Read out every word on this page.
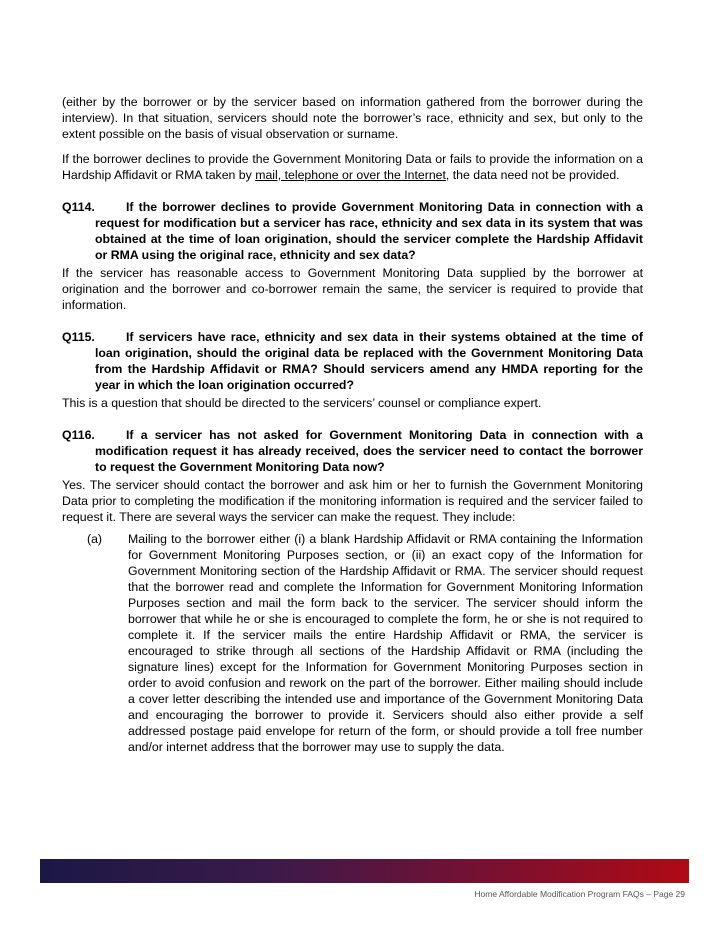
(either by the borrower or by the servicer based on information gathered from the borrower during the interview). In that situation, servicers should note the borrower’s race, ethnicity and sex, but only to the extent possible on the basis of visual observation or surname.

If the borrower declines to provide the Government Monitoring Data or fails to provide the information on a Hardship Affidavit or RMA taken by mail, telephone or over the Internet, the data need not be provided.

Q114.	If the borrower declines to provide Government Monitoring Data in connection with a request for modification but a servicer has race, ethnicity and sex data in its system that was obtained at the time of loan origination, should the servicer complete the Hardship Affidavit or RMA using the original race, ethnicity and sex data?

If the servicer has reasonable access to Government Monitoring Data supplied by the borrower at origination and the borrower and co-borrower remain the same, the servicer is required to provide that information.

Q115.	If servicers have race, ethnicity and sex data in their systems obtained at the time of loan origination, should the original data be replaced with the Government Monitoring Data from the Hardship Affidavit or RMA? Should servicers amend any HMDA reporting for the year in which the loan origination occurred?

This is a question that should be directed to the servicers’ counsel or compliance expert.

Q116.	If a servicer has not asked for Government Monitoring Data in connection with a modification request it has already received, does the servicer need to contact the borrower to request the Government Monitoring Data now?

Yes. The servicer should contact the borrower and ask him or her to furnish the Government Monitoring Data prior to completing the modification if the monitoring information is required and the servicer failed to request it. There are several ways the servicer can make the request. They include:

(a)	Mailing to the borrower either (i) a blank Hardship Affidavit or RMA containing the Information for Government Monitoring Purposes section, or (ii) an exact copy of the Information for Government Monitoring section of the Hardship Affidavit or RMA. The servicer should request that the borrower read and complete the Information for Government Monitoring Information Purposes section and mail the form back to the servicer. The servicer should inform the borrower that while he or she is encouraged to complete the form, he or she is not required to complete it. If the servicer mails the entire Hardship Affidavit or RMA, the servicer is encouraged to strike through all sections of the Hardship Affidavit or RMA (including the signature lines) except for the Information for Government Monitoring Purposes section in order to avoid confusion and rework on the part of the borrower. Either mailing should include a cover letter describing the intended use and importance of the Government Monitoring Data and encouraging the borrower to provide it. Servicers should also either provide a self addressed postage paid envelope for return of the form, or should provide a toll free number and/or internet address that the borrower may use to supply the data.
Home Affordable Modification Program FAQs – Page 29
